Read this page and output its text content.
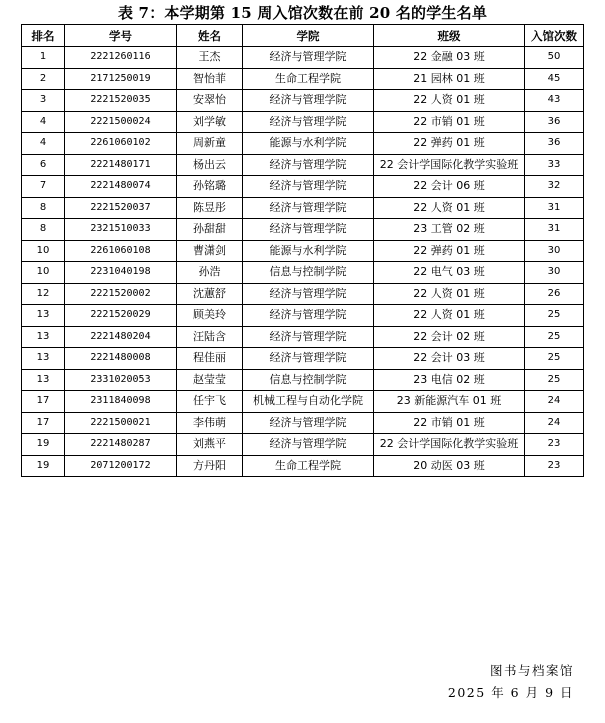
表 7：本学期第 15 周入馆次数在前 20 名的学生名单
排名	学号	姓名	学院	班级	入馆次数
1	2221260116	王杰	经济与管理学院	22 金融 03 班	50
2	2171250019	智怡菲	生命工程学院	21 园林 01 班	45
3	2221520035	安翠怡	经济与管理学院	22 人资 01 班	43
4	2221500024	刘学敏	经济与管理学院	22 市销 01 班	36
4	2261060102	周新童	能源与水利学院	22 弹药 01 班	36
6	2221480171	杨出云	经济与管理学院	22 会计学国际化教学实验班	33
7	2221480074	孙铭璐	经济与管理学院	22 会计 06 班	32
8	2221520037	陈昱彤	经济与管理学院	22 人资 01 班	31
8	2321510033	孙甜甜	经济与管理学院	23 工管 02 班	31
10	2261060108	曹潇剑	能源与水利学院	22 弹药 01 班	30
10	2231040198	孙浩	信息与控制学院	22 电气 03 班	30
12	2221520002	沈蕙舒	经济与管理学院	22 人资 01 班	26
13	2221520029	顾美玲	经济与管理学院	22 人资 01 班	25
13	2221480204	汪陆含	经济与管理学院	22 会计 02 班	25
13	2221480008	程佳丽	经济与管理学院	22 会计 03 班	25
13	2331020053	赵莹莹	信息与控制学院	23 电信 02 班	25
17	2311840098	任宇飞	机械工程与自动化学院	23 新能源汽车 01 班	24
17	2221500021	李伟萌	经济与管理学院	22 市销 01 班	24
19	2221480287	刘燕平	经济与管理学院	22 会计学国际化教学实验班	23
19	2071200172	方丹阳	生命工程学院	20 动医 03 班	23
图书与档案馆
2025 年 6 月 9 日
